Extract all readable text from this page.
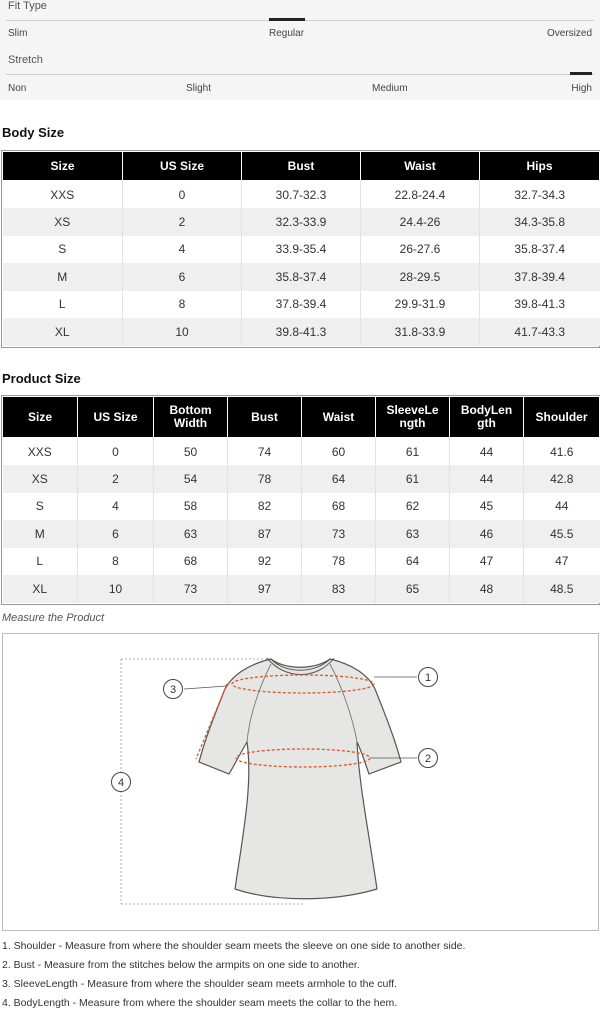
Fit Type
Slim	Regular	Oversized
Stretch
Non	Slight	Medium	High
Body Size
Size	US Size	Bust	Waist	Hips
XXS	0	30.7-32.3	22.8-24.4	32.7-34.3
XS	2	32.3-33.9	24.4-26	34.3-35.8
S	4	33.9-35.4	26-27.6	35.8-37.4
M	6	35.8-37.4	28-29.5	37.8-39.4
L	8	37.8-39.4	29.9-31.9	39.8-41.3
XL	10	39.8-41.3	31.8-33.9	41.7-43.3
Product Size
Size	US Size	Bottom Width	Bust	Waist	SleeveLe ngth	BodyLen gth	Shoulder
XXS	0	50	74	60	61	44	41.6
XS	2	54	78	64	61	44	42.8
S	4	58	82	68	62	45	44
M	6	63	87	73	63	46	45.5
L	8	68	92	78	64	47	47
XL	10	73	97	83	65	48	48.5
Measure the Product
1
2
3
4
1. Shoulder - Measure from where the shoulder seam meets the sleeve on one side to another side.
2. Bust - Measure from the stitches below the armpits on one side to another.
3. SleeveLength - Measure from where the shoulder seam meets armhole to the cuff.
4. BodyLength - Measure from where the shoulder seam meets the collar to the hem.
